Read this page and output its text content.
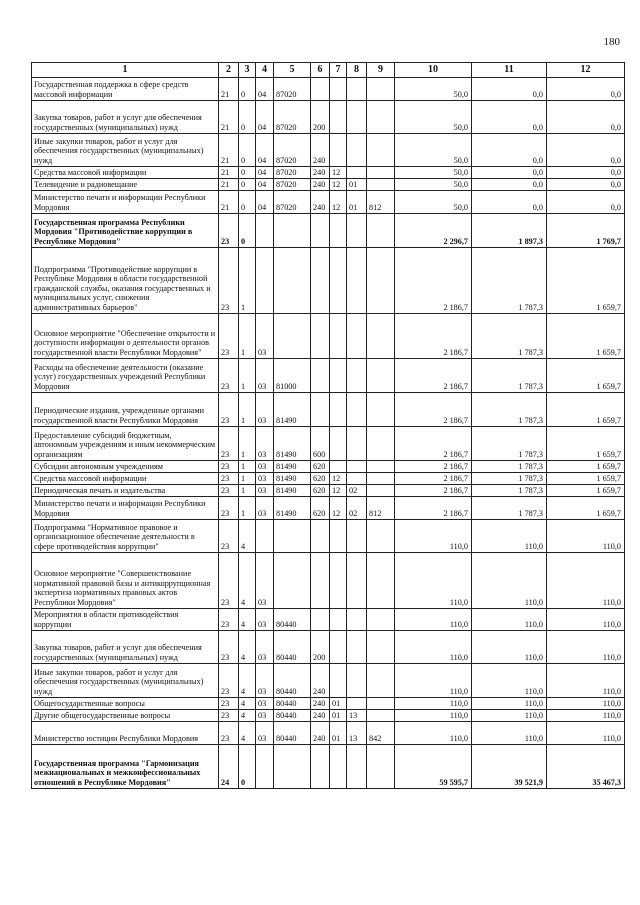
180
1	2	3	4	5	6	7	8	9	10	11	12
Государственная поддержка в сфере средств массовой информации	21	0	04	87020					50,0	0,0	0,0
Закупка товаров, работ и услуг для обеспечения государственных (муниципальных) нужд	21	0	04	87020	200				50,0	0,0	0,0
Иные закупки товаров, работ и услуг для обеспечения государственных (муниципальных) нужд	21	0	04	87020	240				50,0	0,0	0,0
Средства массовой информации	21	0	04	87020	240	12			50,0	0,0	0,0
Телевидение и радиовещание	21	0	04	87020	240	12	01		50,0	0,0	0,0
Министерство печати и информации Республики Мордовия	21	0	04	87020	240	12	01	812	50,0	0,0	0,0
Государственная программа Республики Мордовия "Противодействие коррупции в Республике Мордовия"	23	0							2 296,7	1 897,3	1 769,7
Подпрограмма "Противодействие коррупции в Республике Мордовия в области государственной гражданской службы, оказания государственных и муниципальных услуг, снижения административных барьеров"	23	1							2 186,7	1 787,3	1 659,7
Основное мероприятие "Обеспечение открытости и доступности информации о деятельности органов государственной власти Республики Мордовия"	23	1	03						2 186,7	1 787,3	1 659,7
Расходы на обеспечение деятельности (оказание услуг) государственных учреждений Республики Мордовия	23	1	03	81000					2 186,7	1 787,3	1 659,7
Периодические издания, учрежденные органами государственной власти Республики Мордовия	23	1	03	81490					2 186,7	1 787,3	1 659,7
Предоставление субсидий бюджетным, автономным учреждениям и иным некоммерческим организациям	23	1	03	81490	600				2 186,7	1 787,3	1 659,7
Субсидии автономным учреждениям	23	1	03	81490	620				2 186,7	1 787,3	1 659,7
Средства массовой информации	23	1	03	81490	620	12			2 186,7	1 787,3	1 659,7
Периодическая печать и издательства	23	1	03	81490	620	12	02		2 186,7	1 787,3	1 659,7
Министерство печати и информации Республики Мордовия	23	1	03	81490	620	12	02	812	2 186,7	1 787,3	1 659,7
Подпрограмма "Нормативное правовое и организационное обеспечение деятельности в сфере противодействия коррупции"	23	4							110,0	110,0	110,0
Основное мероприятие "Совершенствование нормативной правовой базы и антикоррупционная экспертиза нормативных правовых актов Республики Мордовия"	23	4	03						110,0	110,0	110,0
Мероприятия в области противодействия коррупции	23	4	03	80440					110,0	110,0	110,0
Закупка товаров, работ и услуг для обеспечения государственных (муниципальных) нужд	23	4	03	80440	200				110,0	110,0	110,0
Иные закупки товаров, работ и услуг для обеспечения государственных (муниципальных) нужд	23	4	03	80440	240				110,0	110,0	110,0
Общегосударственные вопросы	23	4	03	80440	240	01			110,0	110,0	110,0
Другие общегосударственные вопросы	23	4	03	80440	240	01	13		110,0	110,0	110,0
Министерство юстиции Республики Мордовия	23	4	03	80440	240	01	13	842	110,0	110,0	110,0
Государственная программа "Гармонизация межнациональных и межконфессиональных отношений в Республике Мордовия"	24	0							59 595,7	39 521,9	35 467,3
